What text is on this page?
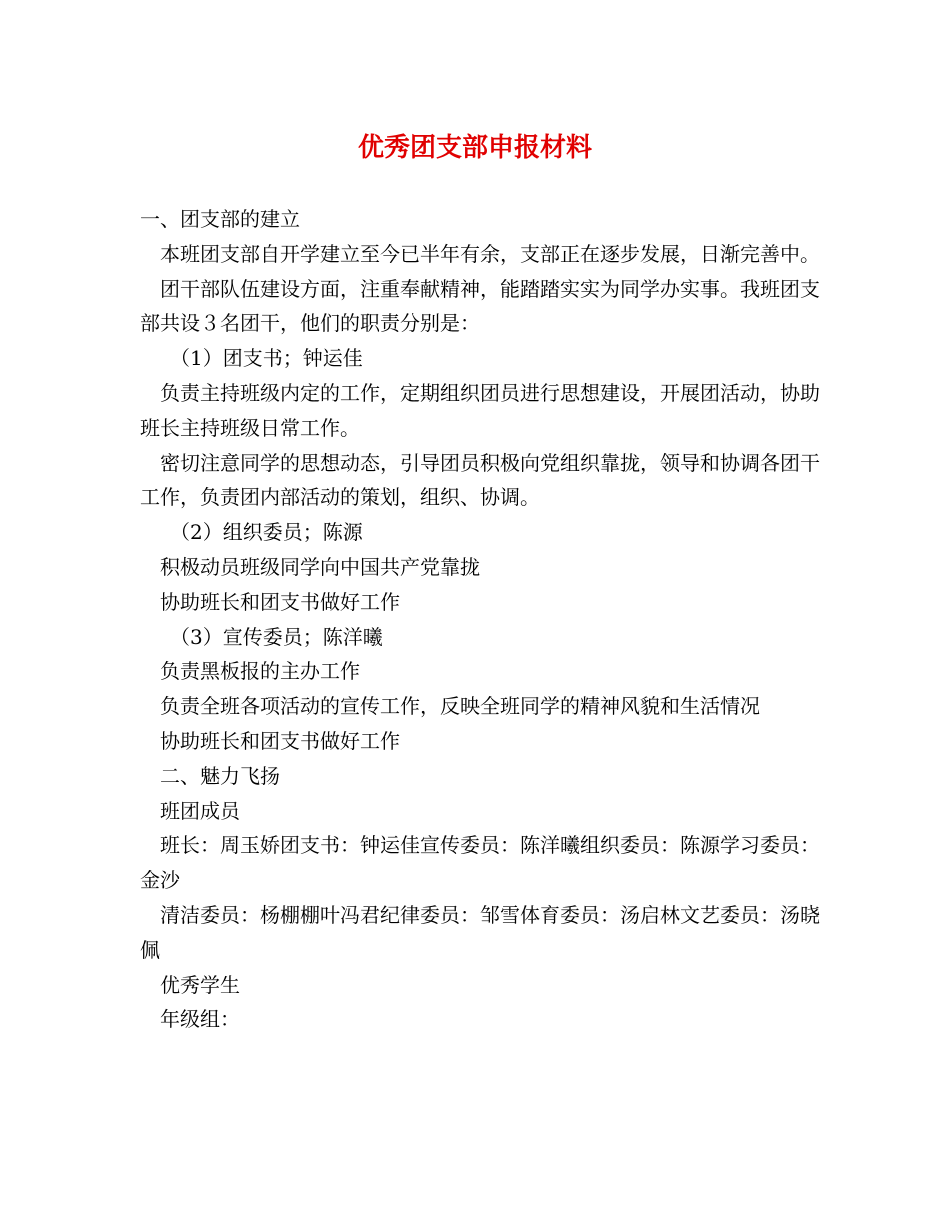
优秀团支部申报材料

一、团支部的建立

本班团支部自开学建立至今已半年有余，支部正在逐步发展，日渐完善中。

团干部队伍建设方面，注重奉献精神，能踏踏实实为同学办实事。我班团支部共设３名团干，他们的职责分别是：

（1）团支书；钟运佳

负责主持班级内定的工作，定期组织团员进行思想建设，开展团活动，协助班长主持班级日常工作。

密切注意同学的思想动态，引导团员积极向党组织靠拢，领导和协调各团干工作，负责团内部活动的策划，组织、协调。

（2）组织委员；陈源

积极动员班级同学向中国共产党靠拢

协助班长和团支书做好工作

（3）宣传委员；陈洋曦

负责黑板报的主办工作

负责全班各项活动的宣传工作，反映全班同学的精神风貌和生活情况

协助班长和团支书做好工作

二、魅力飞扬

班团成员

班长：周玉娇团支书：钟运佳宣传委员：陈洋曦组织委员：陈源学习委员：金沙

清洁委员：杨棚棚叶冯君纪律委员：邹雪体育委员：汤启林文艺委员：汤晓佩

优秀学生

年级组：
